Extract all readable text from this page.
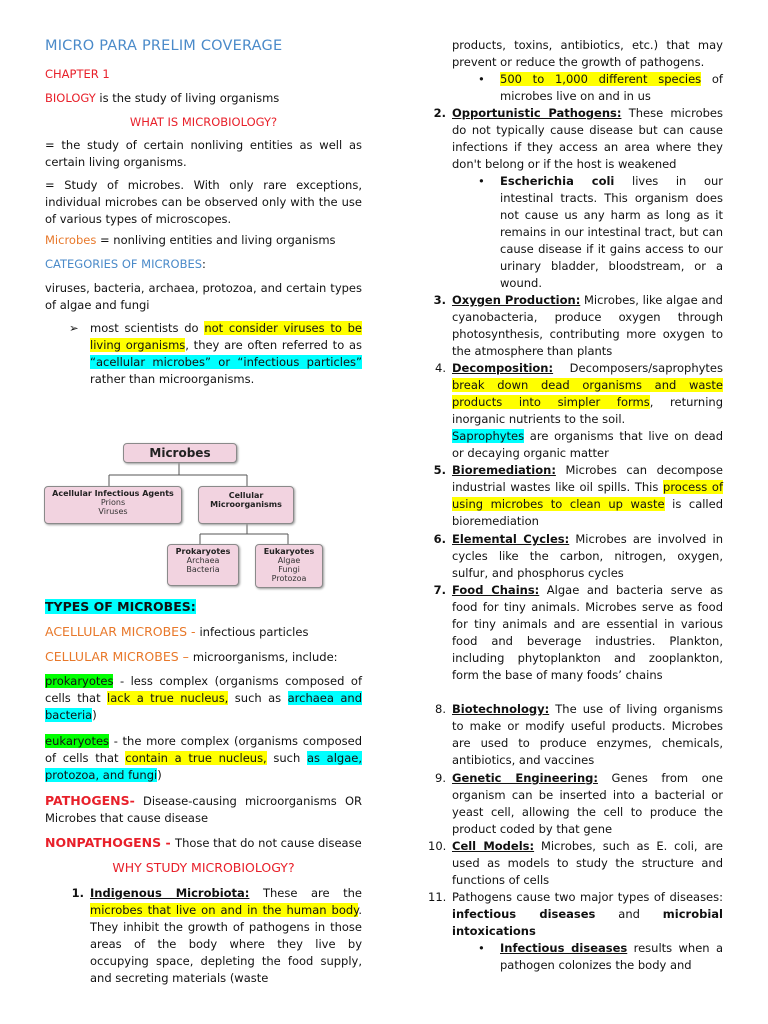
MICRO PARA PRELIM COVERAGE

CHAPTER 1

BIOLOGY is the study of living organisms

WHAT IS MICROBIOLOGY?

= the study of certain nonliving entities as well as certain living organisms.

= Study of microbes. With only rare exceptions, individual microbes can be observed only with the use of various types of microscopes.

Microbes = nonliving entities and living organisms

CATEGORIES OF MICROBES:

viruses, bacteria, archaea, protozoa, and certain types of algae and fungi

➢ most scientists do not consider viruses to be living organisms, they are often referred to as “acellular microbes” or “infectious particles” rather than microorganisms.

Microbes
Acellular Infectious Agents
Prions
Viruses
Cellular
Microorganisms
Prokaryotes
Archaea
Bacteria
Eukaryotes
Algae
Fungi
Protozoa

TYPES OF MICROBES:

ACELLULAR MICROBES - infectious particles

CELLULAR MICROBES – microorganisms, include:

prokaryotes - less complex (organisms composed of cells that lack a true nucleus, such as archaea and bacteria)

eukaryotes - the more complex (organisms composed of cells that contain a true nucleus, such as algae, protozoa, and fungi)

PATHOGENS- Disease-causing microorganisms OR Microbes that cause disease

NONPATHOGENS - Those that do not cause disease

WHY STUDY MICROBIOLOGY?

1. Indigenous Microbiota: These are the microbes that live on and in the human body. They inhibit the growth of pathogens in those areas of the body where they live by occupying space, depleting the food supply, and secreting materials (waste

products, toxins, antibiotics, etc.) that may prevent or reduce the growth of pathogens.

• 500 to 1,000 different species of microbes live on and in us

2. Opportunistic Pathogens: These microbes do not typically cause disease but can cause infections if they access an area where they don't belong or if the host is weakened

• Escherichia coli lives in our intestinal tracts. This organism does not cause us any harm as long as it remains in our intestinal tract, but can cause disease if it gains access to our urinary bladder, bloodstream, or a wound.

3. Oxygen Production: Microbes, like algae and cyanobacteria, produce oxygen through photosynthesis, contributing more oxygen to the atmosphere than plants

4. Decomposition: Decomposers/saprophytes break down dead organisms and waste products into simpler forms, returning inorganic nutrients to the soil.

Saprophytes are organisms that live on dead or decaying organic matter

5. Bioremediation: Microbes can decompose industrial wastes like oil spills. This process of using microbes to clean up waste is called bioremediation

6. Elemental Cycles: Microbes are involved in cycles like the carbon, nitrogen, oxygen, sulfur, and phosphorus cycles

7. Food Chains: Algae and bacteria serve as food for tiny animals. Microbes serve as food for tiny animals and are essential in various food and beverage industries. Plankton, including phytoplankton and zooplankton, form the base of many foods’ chains

8. Biotechnology: The use of living organisms to make or modify useful products. Microbes are used to produce enzymes, chemicals, antibiotics, and vaccines

9. Genetic Engineering: Genes from one organism can be inserted into a bacterial or yeast cell, allowing the cell to produce the product coded by that gene

10. Cell Models: Microbes, such as E. coli, are used as models to study the structure and functions of cells

11. Pathogens cause two major types of diseases: infectious diseases and microbial intoxications

• Infectious diseases results when a pathogen colonizes the body and
